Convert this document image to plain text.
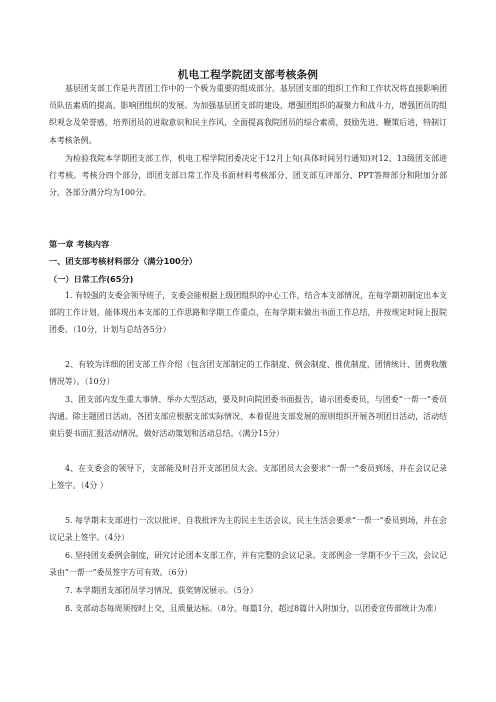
机电工程学院团支部考核条例

基层团支部工作是共青团工作中的一个极为重要的组成部分。基层团支部的组织工作和工作状况将直接影响团员队伍素质的提高，影响团组织的发展。为加强基层团支部的建设，增强团组织的凝聚力和战斗力，增强团员的组织观念及荣誉感，培养团员的进取意识和民主作风，全面提高我院团员的综合素质，鼓励先进、鞭策后进，特制订本考核条例。

为检验我院本学期团支部工作，机电工程学院团委决定于12月上旬(具体时间另行通知)对12、13级团支部进行考核。考核分四个部分，即团支部日常工作及书面材料考核部分、团支部互评部分、PPT答辩部分和附加分部分，各部分满分均为100分。

第一章 考核内容
一、团支部考核材料部分（满分100分）
（一）日常工作(65分)

1. 有较强的支委会领导班子，支委会能根据上级团组织的中心工作，结合本支部情况，在每学期初制定出本支部的工作计划，能体现出本支部的工作思路和学期工作重点，在每学期末做出书面工作总结，并按规定时间上报院团委。（10分，计划与总结各5分）

2、有较为详细的团支部工作介绍（包含团支部制定的工作制度、例会制度、推优制度，团情统计、团费收缴情况等）。（10分）

3、团支部内发生重大事情、举办大型活动，要及时向院团委书面报告，请示团委委员，与团委“一帮一”委员沟通。除主题团日活动，各团支部应根据支部实际情况、本着促进支部发展的原则组织开展各项团日活动，活动结束后要书面汇报活动情况，做好活动策划和活动总结。（满分15分）

4、在支委会的领导下，支部能及时召开支部团员大会。支部团员大会要求“一帮一”委员到场，并在会议记录上签字。（4分 ）

5. 每学期末支部进行一次以批评、自我批评为主的民主生活会议，民主生活会要求“一帮一”委员到场，并在会议记录上签字。（4分）

6. 坚持团支委例会制度，研究讨论团本支部工作，并有完整的会议记录。支部例会一学期不少于三次，会议记录由“一帮一”委员签字方可有效。（6分）

7. 本学期团支部团员学习情况、获奖情况展示。（5分）

8. 支部动态每周须按时上交，且质量达标。（8分。每篇1分，超过8篇计入附加分，以团委宣传部统计为准）
